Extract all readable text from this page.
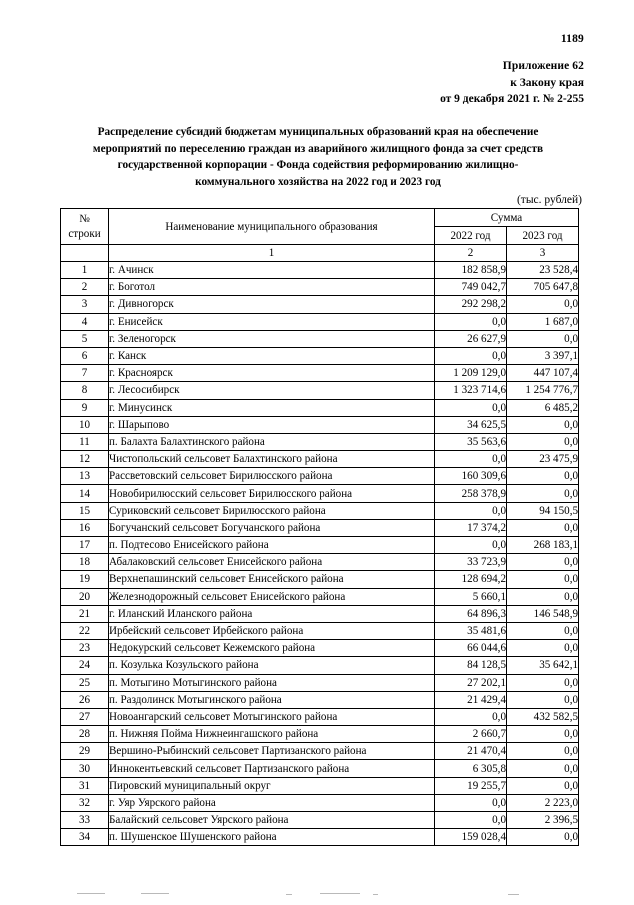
1189
Приложение 62
к Закону края
от 9 декабря 2021 г. № 2-255
Распределение субсидий бюджетам муниципальных образований края на обеспечение
мероприятий по переселению граждан из аварийного жилищного фонда за счет средств
государственной корпорации - Фонда содействия реформированию жилищно-
коммунального хозяйства на 2022 год и 2023 год
(тыс. рублей)
№
строки	Наименование муниципального образования	Сумма	
		2022 год	2023 год
	1	2	3
1	г. Ачинск	182 858,9	23 528,4
2	г. Боготол	749 042,7	705 647,8
3	г. Дивногорск	292 298,2	0,0
4	г. Енисейск	0,0	1 687,0
5	г. Зеленогорск	26 627,9	0,0
6	г. Канск	0,0	3 397,1
7	г. Красноярск	1 209 129,0	447 107,4
8	г. Лесосибирск	1 323 714,6	1 254 776,7
9	г. Минусинск	0,0	6 485,2
10	г. Шарыпово	34 625,5	0,0
11	п. Балахта Балахтинского района	35 563,6	0,0
12	Чистопольский сельсовет Балахтинского района	0,0	23 475,9
13	Рассветовский сельсовет Бирилюсского района	160 309,6	0,0
14	Новобирилюсский сельсовет Бирилюсского района	258 378,9	0,0
15	Суриковский сельсовет Бирилюсского района	0,0	94 150,5
16	Богучанский сельсовет Богучанского района	17 374,2	0,0
17	п. Подтесово Енисейского района	0,0	268 183,1
18	Абалаковский сельсовет Енисейского района	33 723,9	0,0
19	Верхнепашинский сельсовет Енисейского района	128 694,2	0,0
20	Железнодорожный сельсовет Енисейского района	5 660,1	0,0
21	г. Иланский Иланского района	64 896,3	146 548,9
22	Ирбейский сельсовет Ирбейского района	35 481,6	0,0
23	Недокурский сельсовет Кежемского района	66 044,6	0,0
24	п. Козулька Козульского района	84 128,5	35 642,1
25	п. Мотыгино Мотыгинского района	27 202,1	0,0
26	п. Раздолинск Мотыгинского района	21 429,4	0,0
27	Новоангарский сельсовет Мотыгинского района	0,0	432 582,5
28	п. Нижняя Пойма Нижнеингашского района	2 660,7	0,0
29	Вершино-Рыбинский сельсовет Партизанского района	21 470,4	0,0
30	Иннокентьевский сельсовет Партизанского района	6 305,8	0,0
31	Пировский муниципальный округ	19 255,7	0,0
32	г. Уяр Уярского района	0,0	2 223,0
33	Балайский сельсовет Уярского района	0,0	2 396,5
34	п. Шушенское Шушенского района	159 028,4	0,0
